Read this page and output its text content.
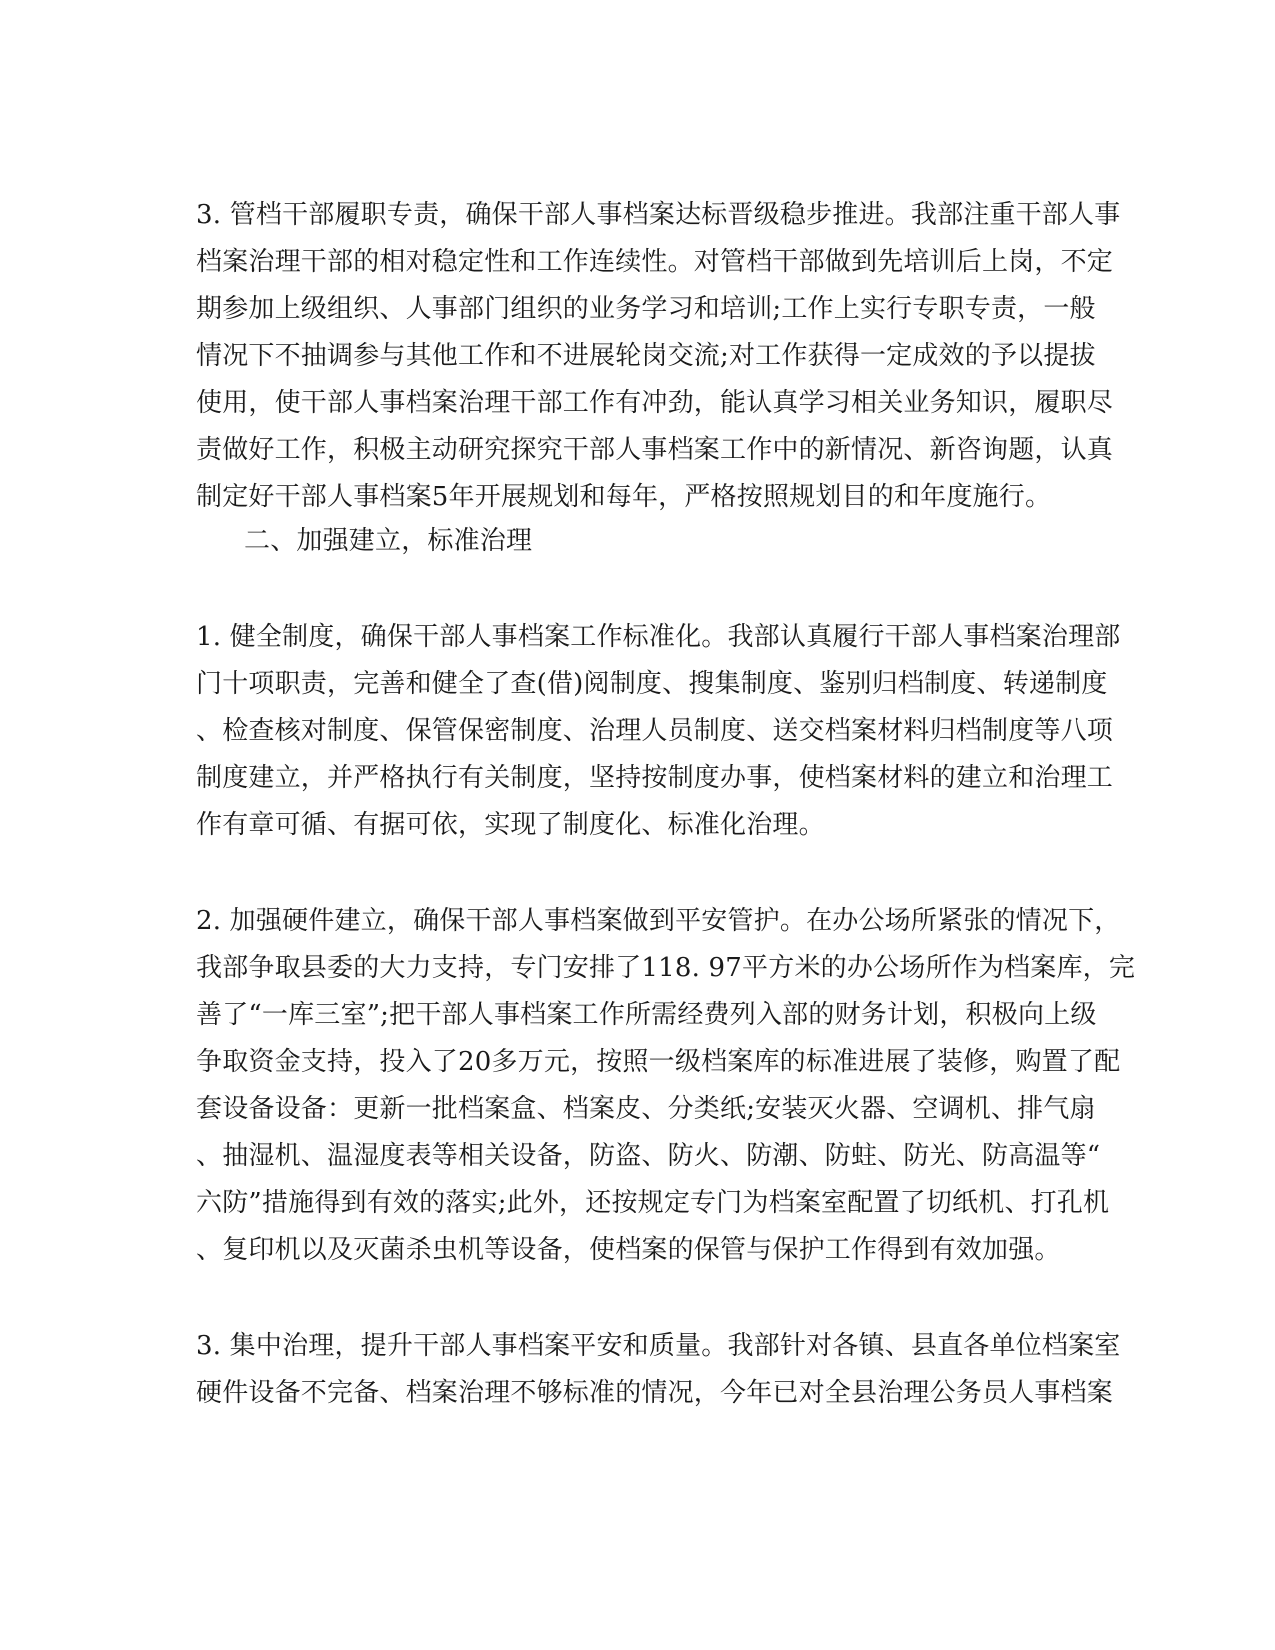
3. 管档干部履职专责，确保干部人事档案达标晋级稳步推进。我部注重干部人事
档案治理干部的相对稳定性和工作连续性。对管档干部做到先培训后上岗，不定
期参加上级组织、人事部门组织的业务学习和培训;工作上实行专职专责，一般
情况下不抽调参与其他工作和不进展轮岗交流;对工作获得一定成效的予以提拔
使用，使干部人事档案治理干部工作有冲劲，能认真学习相关业务知识，履职尽
责做好工作，积极主动研究探究干部人事档案工作中的新情况、新咨询题，认真
制定好干部人事档案5年开展规划和每年，严格按照规划目的和年度施行。
二、加强建立，标准治理
1. 健全制度，确保干部人事档案工作标准化。我部认真履行干部人事档案治理部
门十项职责，完善和健全了查(借)阅制度、搜集制度、鉴别归档制度、转递制度
、检查核对制度、保管保密制度、治理人员制度、送交档案材料归档制度等八项
制度建立，并严格执行有关制度，坚持按制度办事，使档案材料的建立和治理工
作有章可循、有据可依，实现了制度化、标准化治理。
2. 加强硬件建立，确保干部人事档案做到平安管护。在办公场所紧张的情况下，
我部争取县委的大力支持，专门安排了118. 97平方米的办公场所作为档案库，完
善了“一库三室”;把干部人事档案工作所需经费列入部的财务计划，积极向上级
争取资金支持，投入了20多万元，按照一级档案库的标准进展了装修，购置了配
套设备设备：更新一批档案盒、档案皮、分类纸;安装灭火器、空调机、排气扇
、抽湿机、温湿度表等相关设备，防盗、防火、防潮、防蛀、防光、防高温等“
六防”措施得到有效的落实;此外，还按规定专门为档案室配置了切纸机、打孔机
、复印机以及灭菌杀虫机等设备，使档案的保管与保护工作得到有效加强。
3. 集中治理，提升干部人事档案平安和质量。我部针对各镇、县直各单位档案室
硬件设备不完备、档案治理不够标准的情况，今年已对全县治理公务员人事档案
